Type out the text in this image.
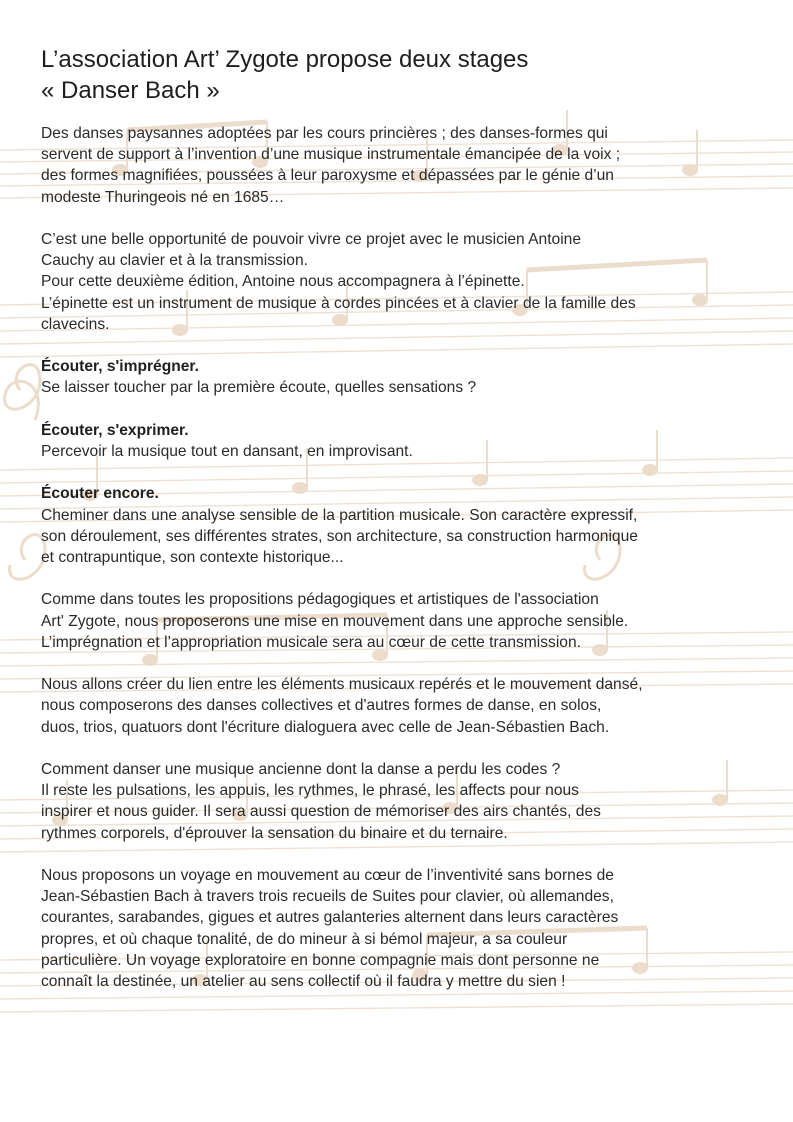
L’association Art’ Zygote propose deux stages
« Danser Bach »
Des danses paysannes adoptées par les cours princières ; des danses-formes qui
servent de support à l’invention d’une musique instrumentale émancipée de la voix ;
des formes magnifiées, poussées à leur paroxysme et dépassées par le génie d’un
modeste Thuringeois né en 1685…
C’est une belle opportunité de pouvoir vivre ce projet avec le musicien Antoine
Cauchy au clavier et à la transmission.
Pour cette deuxième édition, Antoine nous accompagnera à l’épinette.
L’épinette est un instrument de musique à cordes pincées et à clavier de la famille des
clavecins.
Écouter, s'imprégner.
Se laisser toucher par la première écoute, quelles sensations ?
Écouter, s'exprimer.
Percevoir la musique tout en dansant, en improvisant.
Écouter encore.
Cheminer dans une analyse sensible de la partition musicale. Son caractère expressif,
son déroulement, ses différentes strates, son architecture, sa construction harmonique
et contrapuntique, son contexte historique...
Comme dans toutes les propositions pédagogiques et artistiques de l'association
Art' Zygote, nous proposerons une mise en mouvement dans une approche sensible.
L’imprégnation et l’appropriation musicale sera au cœur de cette transmission.
Nous allons créer du lien entre les éléments musicaux repérés et le mouvement dansé,
nous composerons des danses collectives et d'autres formes de danse, en solos,
duos, trios, quatuors dont l'écriture dialoguera avec celle de Jean-Sébastien Bach.
Comment danser une musique ancienne dont la danse a perdu les codes ?
Il reste les pulsations, les appuis, les rythmes, le phrasé, les affects pour nous
inspirer et nous guider. Il sera aussi question de mémoriser des airs chantés, des
rythmes corporels, d'éprouver la sensation du binaire et du ternaire.
Nous proposons un voyage en mouvement au cœur de l’inventivité sans bornes de
Jean-Sébastien Bach à travers trois recueils de Suites pour clavier, où allemandes,
courantes, sarabandes, gigues et autres galanteries alternent dans leurs caractères
propres, et où chaque tonalité, de do mineur à si bémol majeur, a sa couleur
particulière. Un voyage exploratoire en bonne compagnie mais dont personne ne
connaît la destinée, un atelier au sens collectif où il faudra y mettre du sien !
